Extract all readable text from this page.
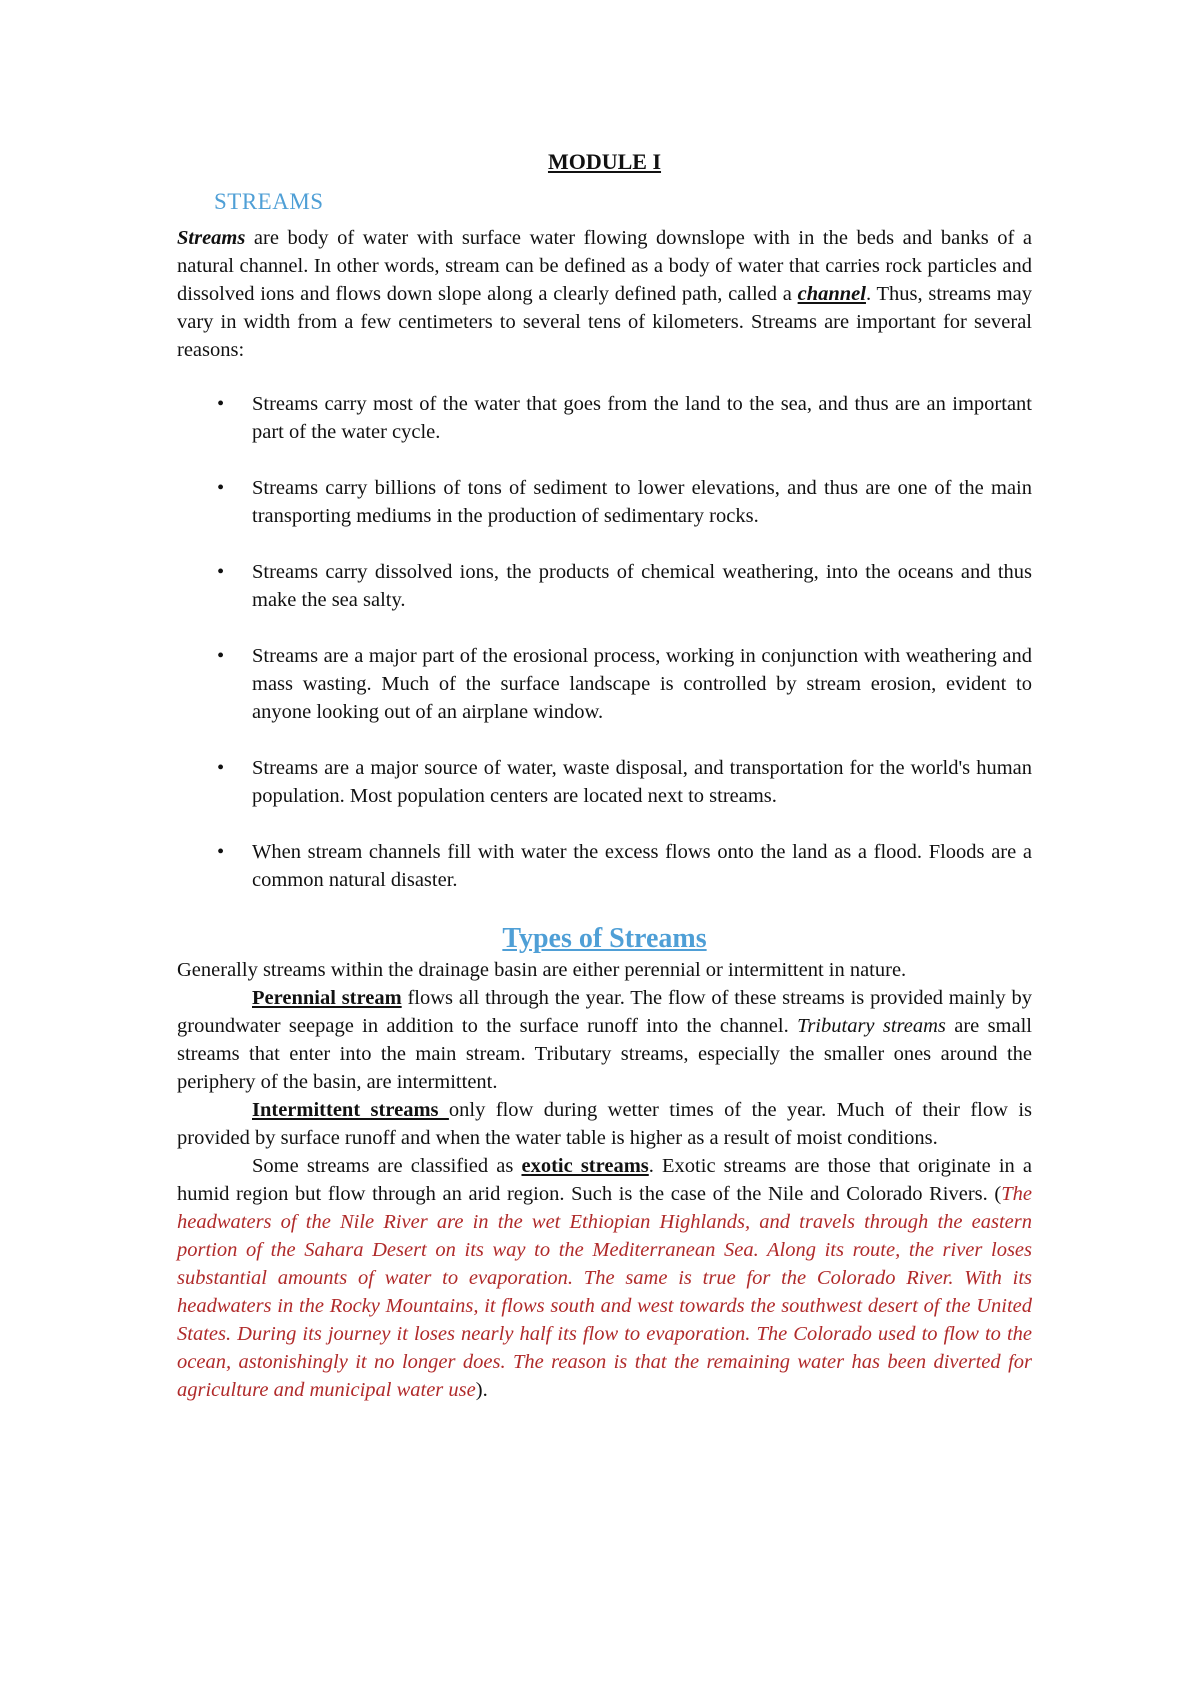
MODULE I
STREAMS

Streams are body of water with surface water flowing downslope with in the beds and banks of a natural channel. In other words, stream can be defined as a body of water that carries rock particles and dissolved ions and flows down slope along a clearly defined path, called a channel. Thus, streams may vary in width from a few centimeters to several tens of kilometers. Streams are important for several reasons:

• Streams carry most of the water that goes from the land to the sea, and thus are an important part of the water cycle.
• Streams carry billions of tons of sediment to lower elevations, and thus are one of the main transporting mediums in the production of sedimentary rocks.
• Streams carry dissolved ions, the products of chemical weathering, into the oceans and thus make the sea salty.
• Streams are a major part of the erosional process, working in conjunction with weathering and mass wasting. Much of the surface landscape is controlled by stream erosion, evident to anyone looking out of an airplane window.
• Streams are a major source of water, waste disposal, and transportation for the world's human population. Most population centers are located next to streams.
• When stream channels fill with water the excess flows onto the land as a flood. Floods are a common natural disaster.
Types of Streams

Generally streams within the drainage basin are either perennial or intermittent in nature.

Perennial stream flows all through the year. The flow of these streams is provided mainly by groundwater seepage in addition to the surface runoff into the channel. Tributary streams are small streams that enter into the main stream. Tributary streams, especially the smaller ones around the periphery of the basin, are intermittent.

Intermittent streams only flow during wetter times of the year. Much of their flow is provided by surface runoff and when the water table is higher as a result of moist conditions.

Some streams are classified as exotic streams. Exotic streams are those that originate in a humid region but flow through an arid region. Such is the case of the Nile and Colorado Rivers. (The headwaters of the Nile River are in the wet Ethiopian Highlands, and travels through the eastern portion of the Sahara Desert on its way to the Mediterranean Sea. Along its route, the river loses substantial amounts of water to evaporation. The same is true for the Colorado River. With its headwaters in the Rocky Mountains, it flows south and west towards the southwest desert of the United States. During its journey it loses nearly half its flow to evaporation. The Colorado used to flow to the ocean, astonishingly it no longer does. The reason is that the remaining water has been diverted for agriculture and municipal water use).
